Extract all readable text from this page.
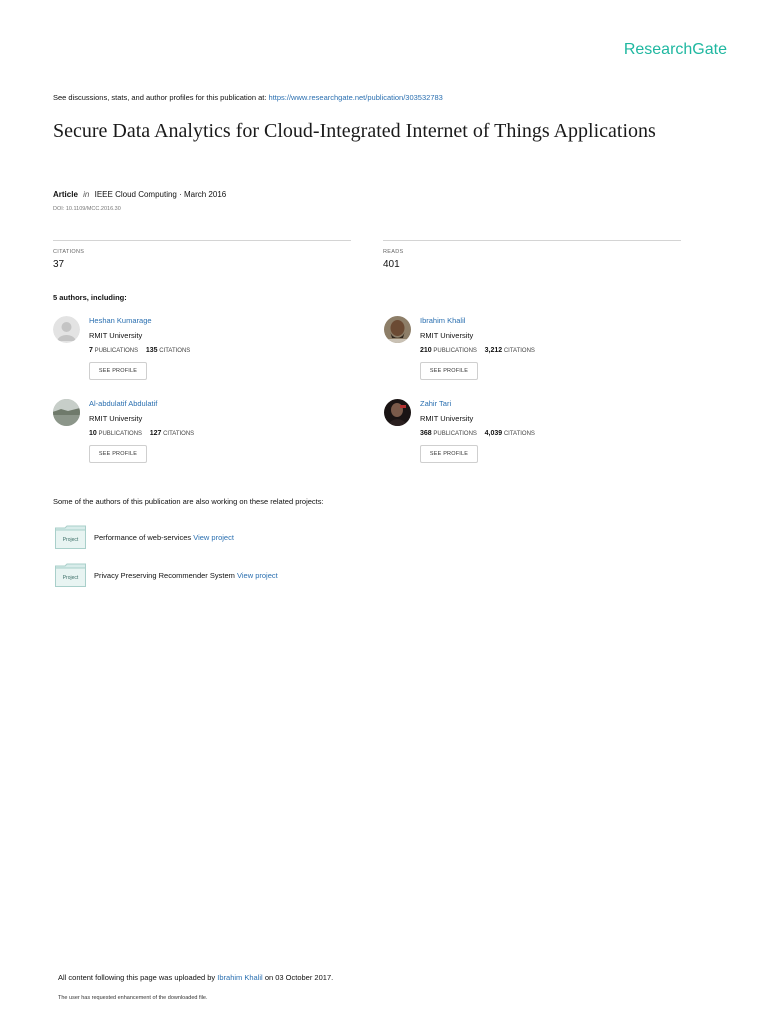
ResearchGate
See discussions, stats, and author profiles for this publication at: https://www.researchgate.net/publication/303532783
Secure Data Analytics for Cloud-Integrated Internet of Things Applications
Article in IEEE Cloud Computing · March 2016
DOI: 10.1109/MCC.2016.30
CITATIONS
37
READS
401
5 authors, including:
Heshan Kumarage
RMIT University
7 PUBLICATIONS 135 CITATIONS
SEE PROFILE
Ibrahim Khalil
RMIT University
210 PUBLICATIONS 3,212 CITATIONS
SEE PROFILE
Al-abdulatif Abdulatif
RMIT University
10 PUBLICATIONS 127 CITATIONS
SEE PROFILE
Zahir Tari
RMIT University
368 PUBLICATIONS 4,039 CITATIONS
SEE PROFILE
Some of the authors of this publication are also working on these related projects:
Project Performance of web-services View project
Project Privacy Preserving Recommender System View project
All content following this page was uploaded by Ibrahim Khalil on 03 October 2017.
The user has requested enhancement of the downloaded file.
